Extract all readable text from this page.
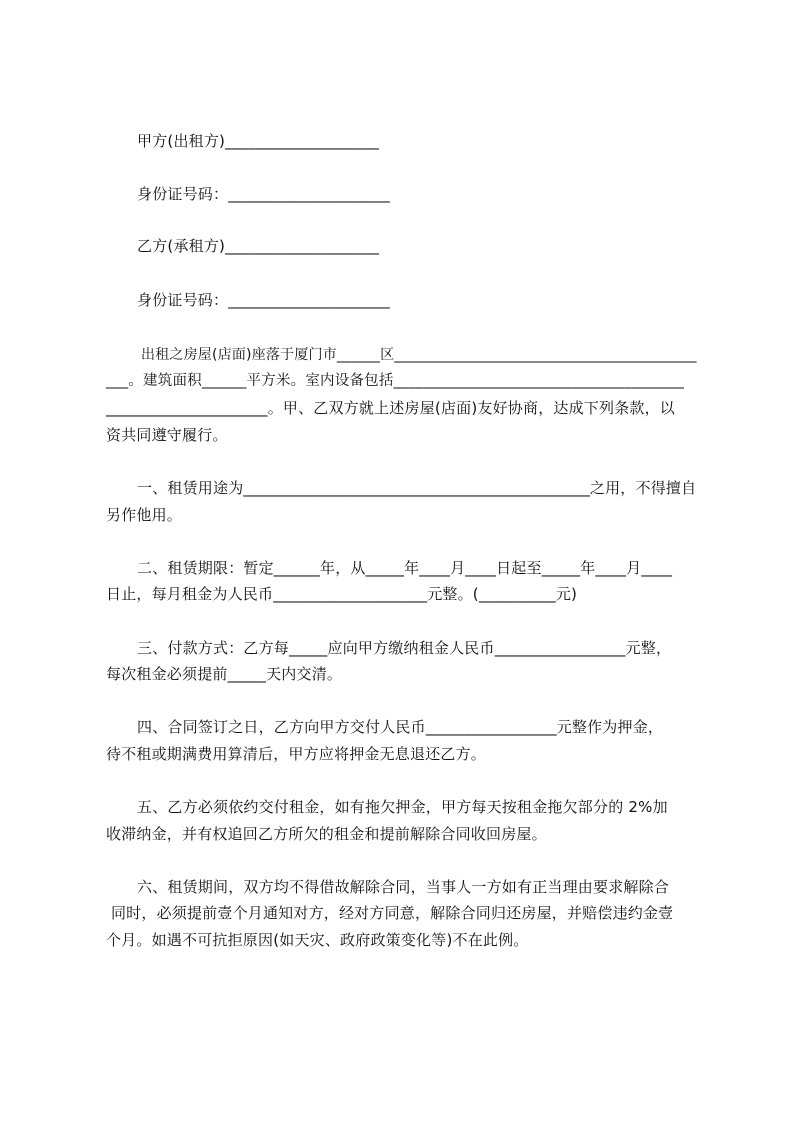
甲方(出租方)____________________
身份证号码：_____________________
乙方(承租方)____________________
身份证号码：_____________________
出租之房屋(店面)座落于厦门市______区__________________________________________
___。建筑面积______平方米。室内设备包括_______________________________________
_____________________。甲、乙双方就上述房屋(店面)友好协商，达成下列条款，以
资共同遵守履行。
一、租赁用途为_____________________________________________之用，不得擅自
另作他用。
二、租赁期限：暂定______年，从_____年____月____日起至_____年____月____
日止，每月租金为人民币____________________元整。(__________元)
三、付款方式：乙方每_____应向甲方缴纳租金人民币_________________元整，
每次租金必须提前_____天内交清。
四、合同签订之日，乙方向甲方交付人民币_________________元整作为押金，
待不租或期满费用算清后，甲方应将押金无息退还乙方。
五、乙方必须依约交付租金，如有拖欠押金，甲方每天按租金拖欠部分的 2%加
收滞纳金，并有权追回乙方所欠的租金和提前解除合同收回房屋。
六、租赁期间，双方均不得借故解除合同，当事人一方如有正当理由要求解除合
同时，必须提前壹个月通知对方，经对方同意，解除合同归还房屋，并赔偿违约金壹
个月。如遇不可抗拒原因(如天灾、政府政策变化等)不在此例。
